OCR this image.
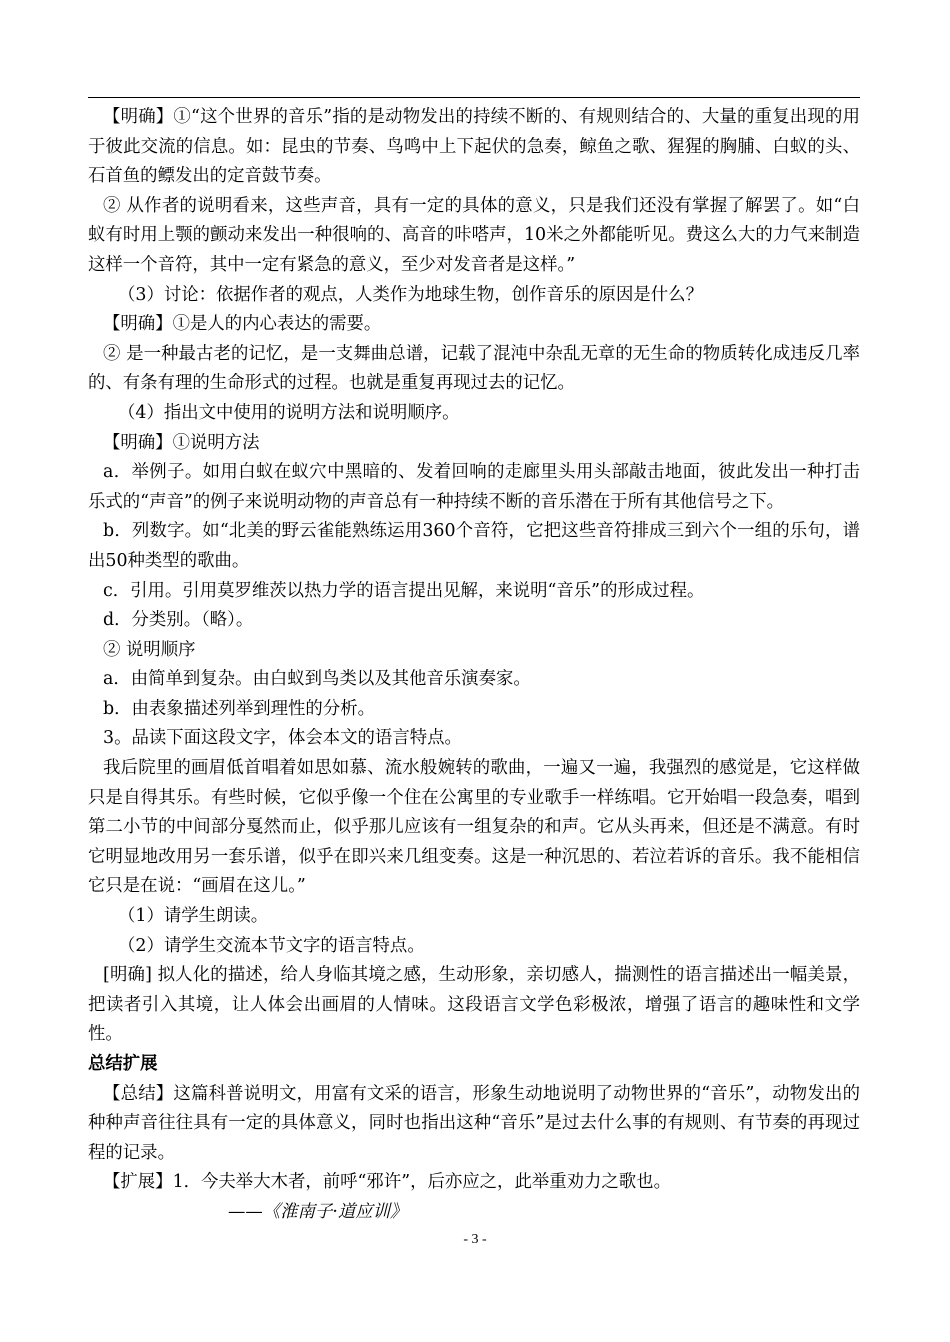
【明确】①“这个世界的音乐”指的是动物发出的持续不断的、有规则结合的、大量的重复出现的用于彼此交流的信息。如：昆虫的节奏、鸟鸣中上下起伏的急奏，鲸鱼之歌、猩猩的胸脯、白蚁的头、石首鱼的鳔发出的定音鼓节奏。

② 从作者的说明看来，这些声音，具有一定的具体的意义，只是我们还没有掌握了解罢了。如“白蚁有时用上颚的颤动来发出一种很响的、高音的咔嗒声，10米之外都能听见。费这么大的力气来制造这样一个音符，其中一定有紧急的意义，至少对发音者是这样。”

（3）讨论：依据作者的观点，人类作为地球生物，创作音乐的原因是什么？

【明确】①是人的内心表达的需要。

② 是一种最古老的记忆，是一支舞曲总谱，记载了混沌中杂乱无章的无生命的物质转化成违反几率的、有条有理的生命形式的过程。也就是重复再现过去的记忆。

（4）指出文中使用的说明方法和说明顺序。

【明确】①说明方法

a．举例子。如用白蚁在蚁穴中黑暗的、发着回响的走廊里头用头部敲击地面，彼此发出一种打击乐式的“声音”的例子来说明动物的声音总有一种持续不断的音乐潜在于所有其他信号之下。

b．列数字。如“北美的野云雀能熟练运用360个音符，它把这些音符排成三到六个一组的乐句，谱出50种类型的歌曲。

c．引用。引用莫罗维茨以热力学的语言提出见解，来说明“音乐”的形成过程。

d．分类别。（略）。

② 说明顺序

a．由简单到复杂。由白蚁到鸟类以及其他音乐演奏家。

b．由表象描述列举到理性的分析。

3。品读下面这段文字，体会本文的语言特点。

我后院里的画眉低首唱着如思如慕、流水般婉转的歌曲，一遍又一遍，我强烈的感觉是，它这样做只是自得其乐。有些时候，它似乎像一个住在公寓里的专业歌手一样练唱。它开始唱一段急奏，唱到第二小节的中间部分戛然而止，似乎那儿应该有一组复杂的和声。它从头再来，但还是不满意。有时它明显地改用另一套乐谱，似乎在即兴来几组变奏。这是一种沉思的、若泣若诉的音乐。我不能相信它只是在说：“画眉在这儿。”

（1）请学生朗读。

（2）请学生交流本节文字的语言特点。

[明确] 拟人化的描述，给人身临其境之感，生动形象，亲切感人，揣测性的语言描述出一幅美景，把读者引入其境，让人体会出画眉的人情味。这段语言文学色彩极浓，增强了语言的趣味性和文学性。

总结扩展

【总结】这篇科普说明文，用富有文采的语言，形象生动地说明了动物世界的“音乐”，动物发出的种种声音往往具有一定的具体意义，同时也指出这种“音乐”是过去什么事的有规则、有节奏的再现过程的记录。

【扩展】1．今夫举大木者，前呼“邪许”，后亦应之，此举重劝力之歌也。

——《淮南子·道应训》

- 3 -
